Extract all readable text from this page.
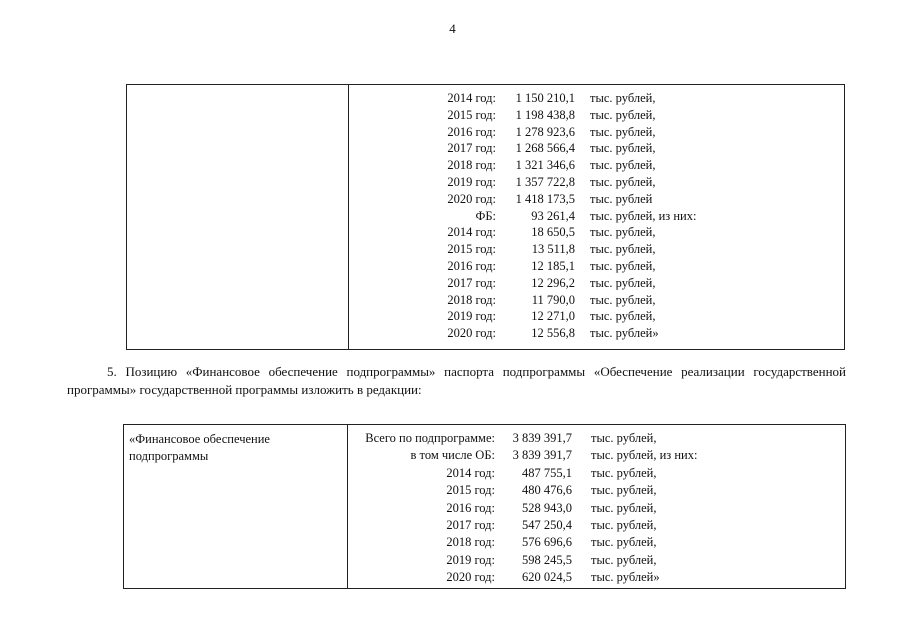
4
2014 год:	1 150 210,1 тыс. рублей,
2015 год:	1 198 438,8 тыс. рублей,
2016 год:	1 278 923,6 тыс. рублей,
2017 год:	1 268 566,4 тыс. рублей,
2018 год:	1 321 346,6 тыс. рублей,
2019 год:	1 357 722,8 тыс. рублей,
2020 год:	1 418 173,5 тыс. рублей
ФБ:	93 261,4 тыс. рублей, из них:
2014 год:	18 650,5 тыс. рублей,
2015 год:	13 511,8 тыс. рублей,
2016 год:	12 185,1 тыс. рублей,
2017 год:	12 296,2 тыс. рублей,
2018 год:	11 790,0 тыс. рублей,
2019 год:	12 271,0 тыс. рублей,
2020 год:	12 556,8 тыс. рублей»
5. Позицию «Финансовое обеспечение подпрограммы» паспорта подпрограммы «Обеспечение реализации государственной программы» государственной программы изложить в редакции:
«Финансовое обеспечение подпрограммы
Всего по подпрограмме:	3 839 391,7 тыс. рублей,
в том числе ОБ:	3 839 391,7 тыс. рублей, из них:
2014 год:	487 755,1 тыс. рублей,
2015 год:	480 476,6 тыс. рублей,
2016 год:	528 943,0 тыс. рублей,
2017 год:	547 250,4 тыс. рублей,
2018 год:	576 696,6 тыс. рублей,
2019 год:	598 245,5 тыс. рублей,
2020 год:	620 024,5 тыс. рублей»
